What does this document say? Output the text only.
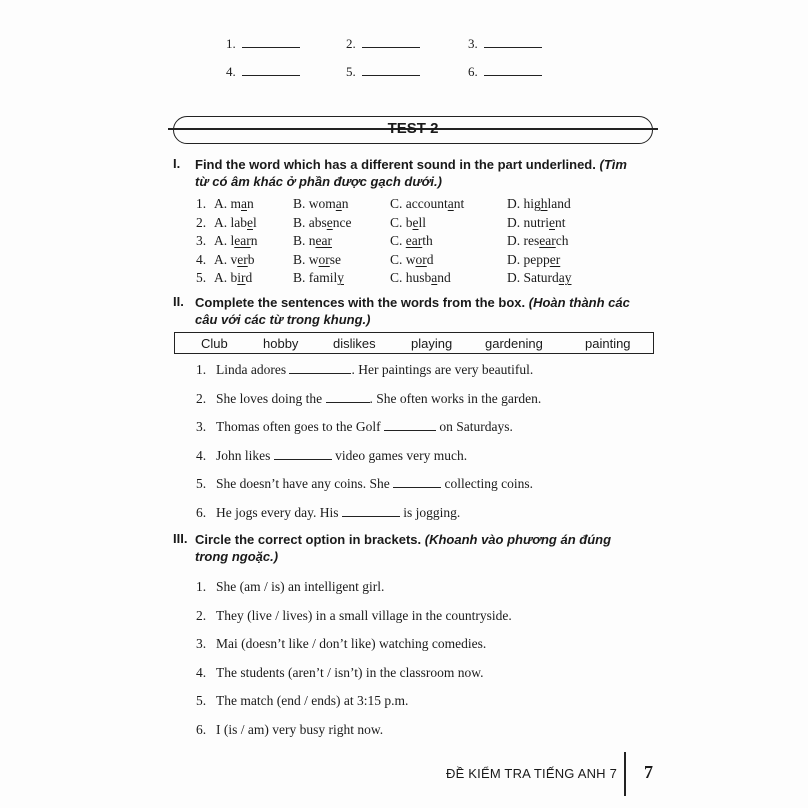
1.	2.	3.
4.	5.	6.
TEST 2
I. Find the word which has a different sound in the part underlined. (Tìm
từ có âm khác ở phần được gạch dưới.)
1. A. man	B. woman	C. accountant	D. highland
2. A. label	B. absence	C. bell	D. nutrient
3. A. learn	B. near	C. earth	D. research
4. A. verb	B. worse	C. word	D. pepper
5. A. bird	B. family	C. husband	D. Saturday
II. Complete the sentences with the words from the box. (Hoàn thành các
câu với các từ trong khung.)
Club	hobby	dislikes	playing	gardening	painting
1. Linda adores	. Her paintings are very beautiful.
2. She loves doing the	. She often works in the garden.
3. Thomas often goes to the Golf	on Saturdays.
4. John likes	video games very much.
5. She doesn’t have any coins. She	collecting coins.
6. He jogs every day. His	is jogging.
III. Circle the correct option in brackets. (Khoanh vào phương án đúng
trong ngoặc.)
1. She (am / is) an intelligent girl.
2. They (live / lives) in a small village in the countryside.
3. Mai (doesn’t like / don’t like) watching comedies.
4. The students (aren’t / isn’t) in the classroom now.
5. The match (end / ends) at 3:15 p.m.
6. I (is / am) very busy right now.
ĐỀ KIỂM TRA TIẾNG ANH 7 7
